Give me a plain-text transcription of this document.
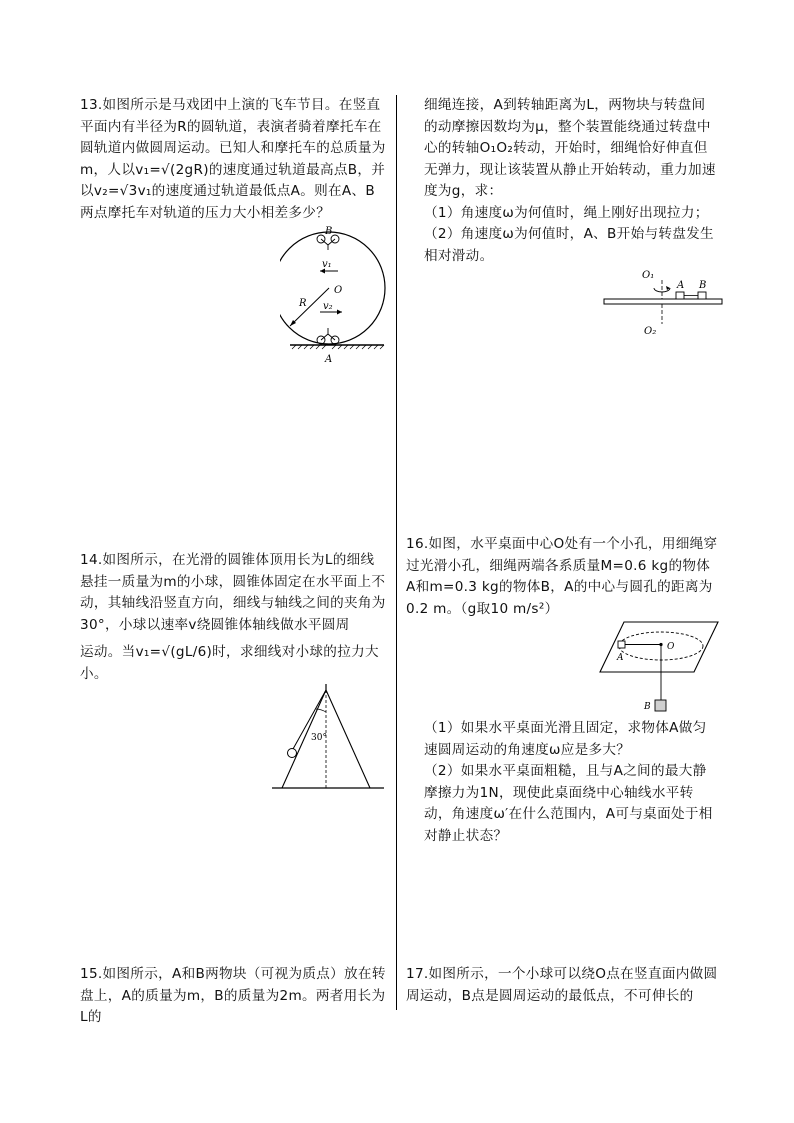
13.如图所示是马戏团中上演的飞车节目。在竖直平面内有半径为R的圆轨道，表演者骑着摩托车在圆轨道内做圆周运动。已知人和摩托车的总质量为m，人以v₁=√(2gR)的速度通过轨道最高点B，并以v₂=√3v₁的速度通过轨道最低点A。则在A、B两点摩托车对轨道的压力大小相差多少？

B
v₁
O
R v₂
A

14.如图所示，在光滑的圆锥体顶用长为L的细线悬挂一质量为m的小球，圆锥体固定在水平面上不动，其轴线沿竖直方向，细线与轴线之间的夹角为30°，小球以速率v绕圆锥体轴线做水平圆周

运动。当v₁=√(gL/6)时，求细线对小球的拉力大小。

30°

15.如图所示，A和B两物块（可视为质点）放在转盘上，A的质量为m，B的质量为2m。两者用长为L的

细绳连接，A到转轴距离为L，两物块与转盘间的动摩擦因数均为μ，整个装置能绕通过转盘中心的转轴O₁O₂转动，开始时，细绳恰好伸直但无弹力，现让该装置从静止开始转动，重力加速度为g，求：

（1）角速度ω为何值时，绳上刚好出现拉力；

（2）角速度ω为何值时，A、B开始与转盘发生相对滑动。

O₁
A B
O₂

16.如图，水平桌面中心O处有一个小孔，用细绳穿过光滑小孔，细绳两端各系质量M=0.6 kg的物体A和m=0.3 kg的物体B，A的中心与圆孔的距离为0.2 m。（g取10 m/s²）

A
O
B

（1）如果水平桌面光滑且固定，求物体A做匀速圆周运动的角速度ω应是多大？

（2）如果水平桌面粗糙，且与A之间的最大静摩擦力为1N，现使此桌面绕中心轴线水平转动，角速度ω′在什么范围内，A可与桌面处于相对静止状态？

17.如图所示，一个小球可以绕O点在竖直面内做圆周运动，B点是圆周运动的最低点，不可伸长的
